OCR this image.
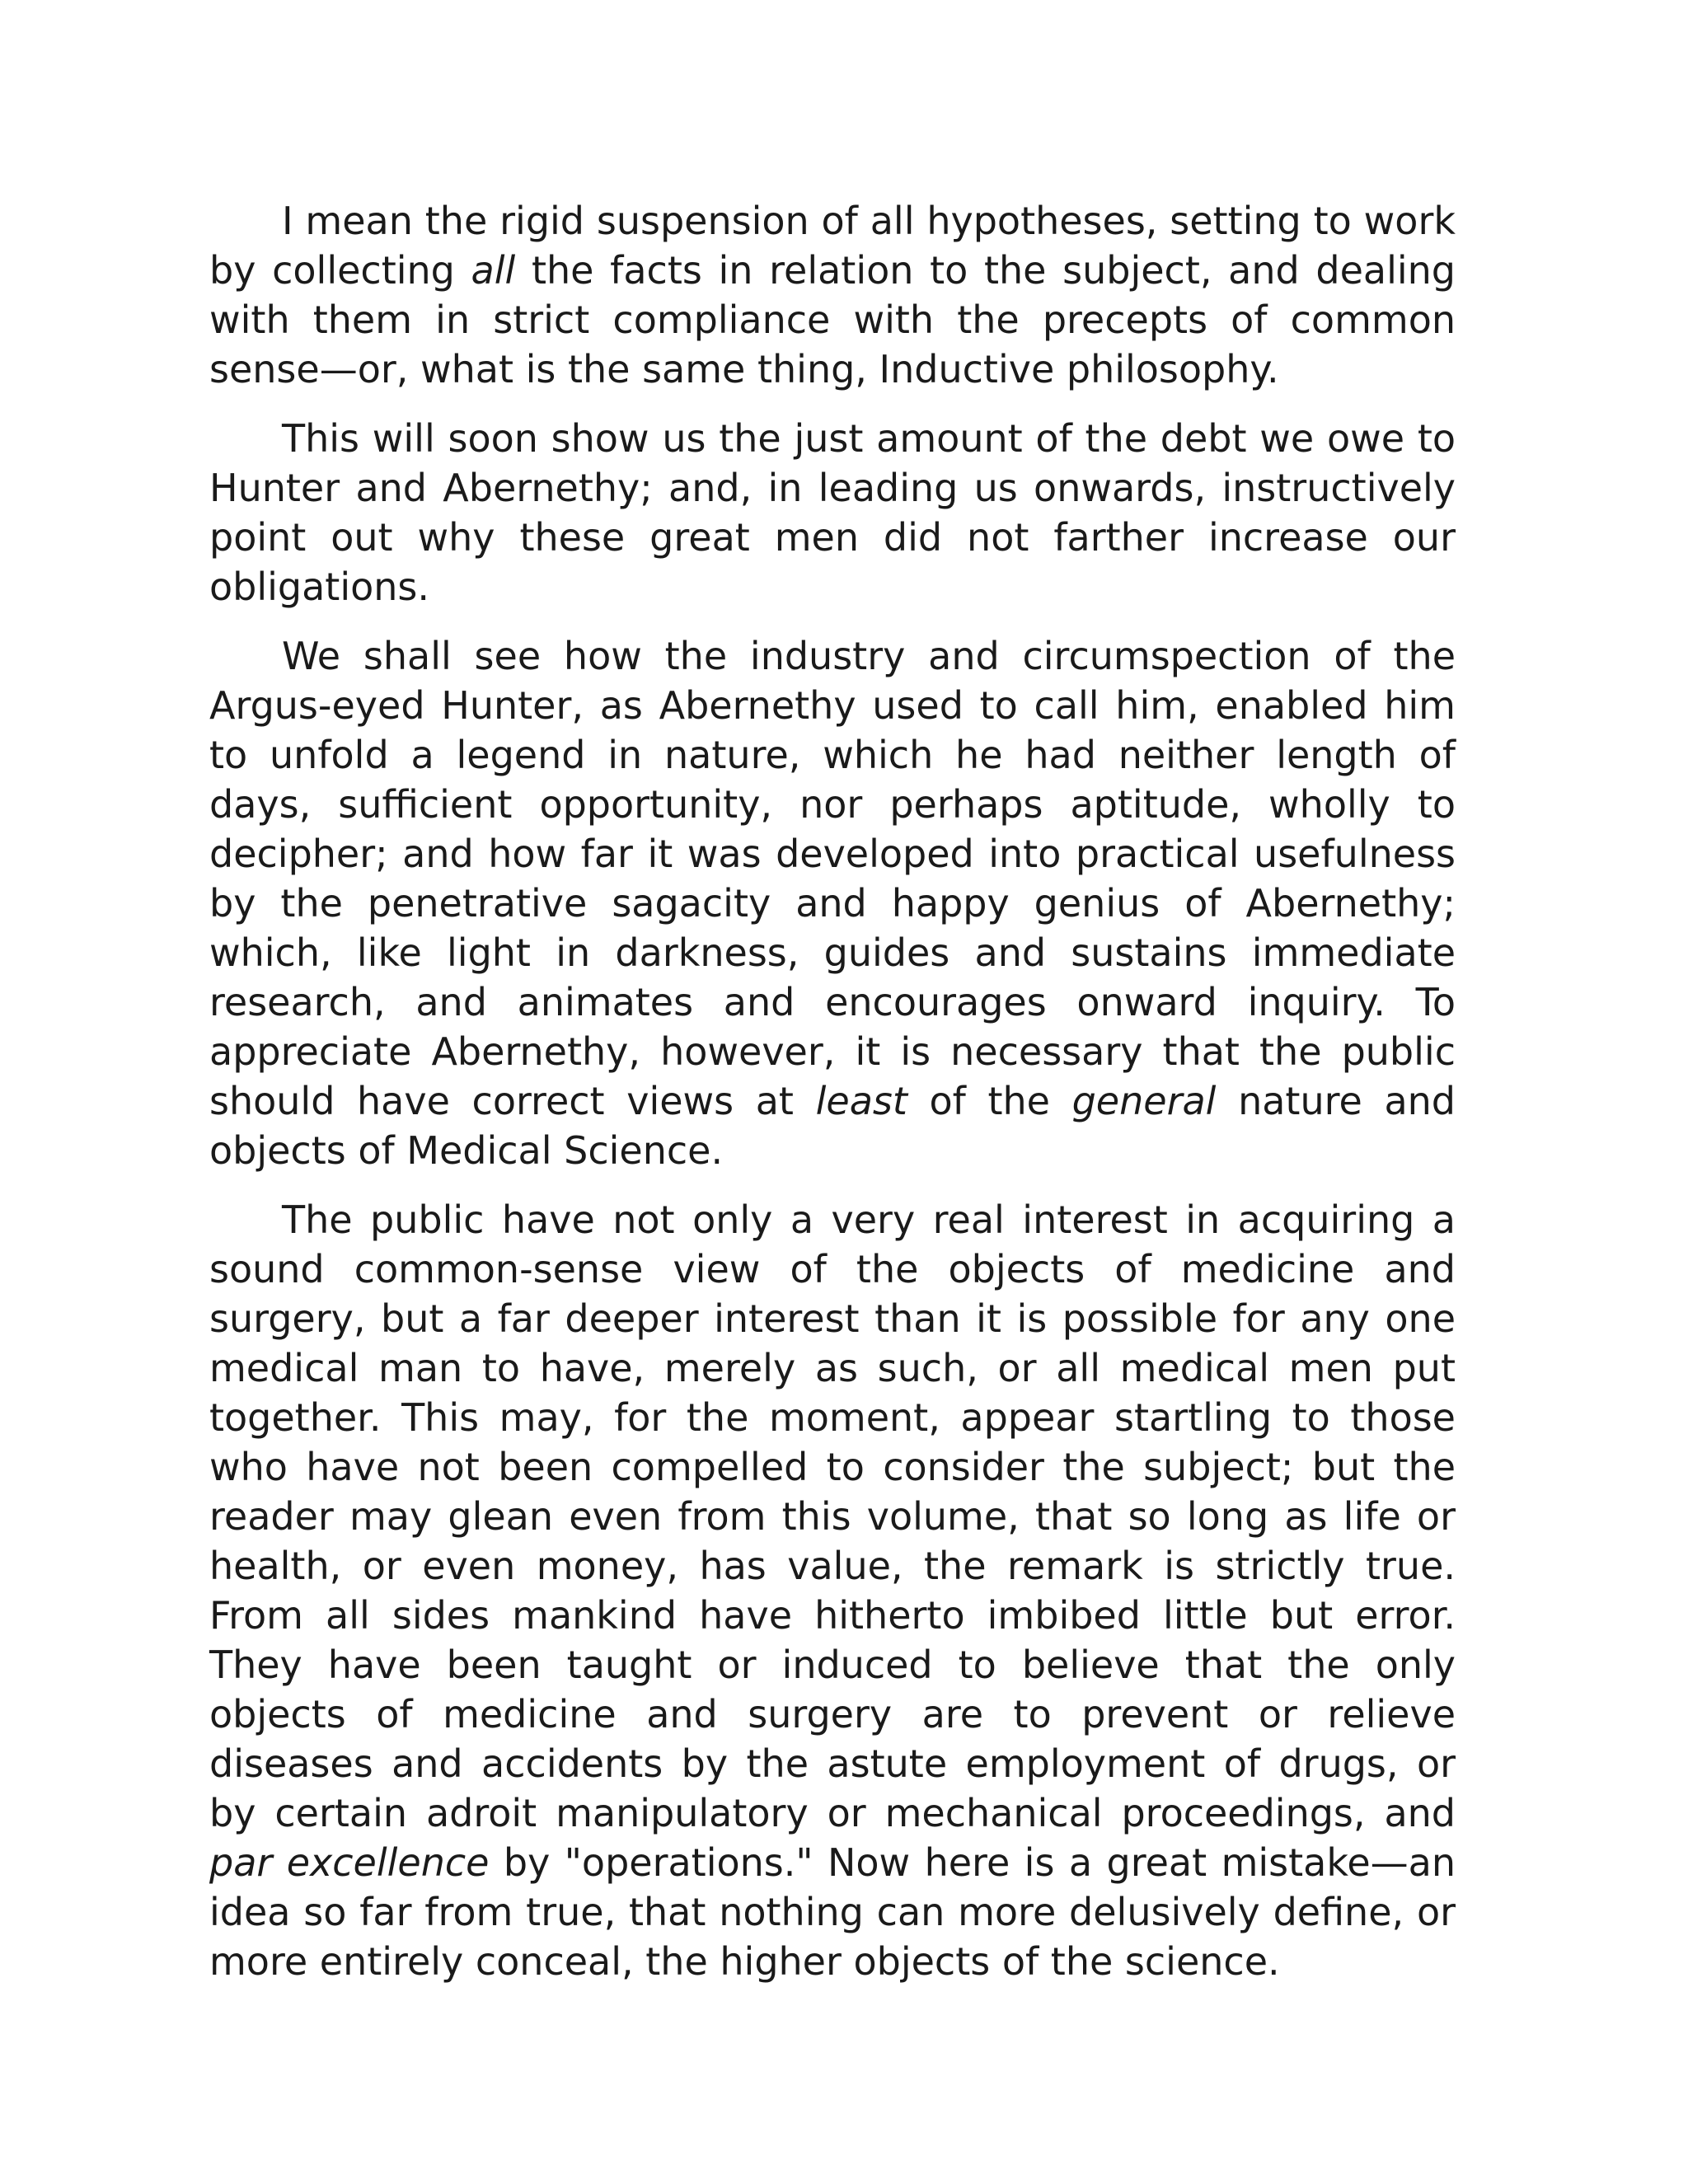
I mean the rigid suspension of all hypotheses, setting to work by collecting all the facts in relation to the subject, and dealing with them in strict compliance with the precepts of common sense—or, what is the same thing, Inductive philosophy.

This will soon show us the just amount of the debt we owe to Hunter and Abernethy; and, in leading us onwards, instructively point out why these great men did not farther increase our obligations.

We shall see how the industry and circumspection of the Argus-eyed Hunter, as Abernethy used to call him, enabled him to unfold a legend in nature, which he had neither length of days, sufficient opportunity, nor perhaps aptitude, wholly to decipher; and how far it was developed into practical usefulness by the penetrative sagacity and happy genius of Abernethy; which, like light in darkness, guides and sustains immediate research, and animates and encourages onward inquiry. To appreciate Abernethy, however, it is necessary that the public should have correct views at least of the general nature and objects of Medical Science.

The public have not only a very real interest in acquiring a sound common-sense view of the objects of medicine and surgery, but a far deeper interest than it is possible for any one medical man to have, merely as such, or all medical men put together. This may, for the moment, appear startling to those who have not been compelled to consider the subject; but the reader may glean even from this volume, that so long as life or health, or even money, has value, the remark is strictly true. From all sides mankind have hitherto imbibed little but error. They have been taught or induced to believe that the only objects of medicine and surgery are to prevent or relieve diseases and accidents by the astute employment of drugs, or by certain adroit manipulatory or mechanical proceedings, and par excellence by "operations." Now here is a great mistake—an idea so far from true, that nothing can more delusively define, or more entirely conceal, the higher objects of the science.
